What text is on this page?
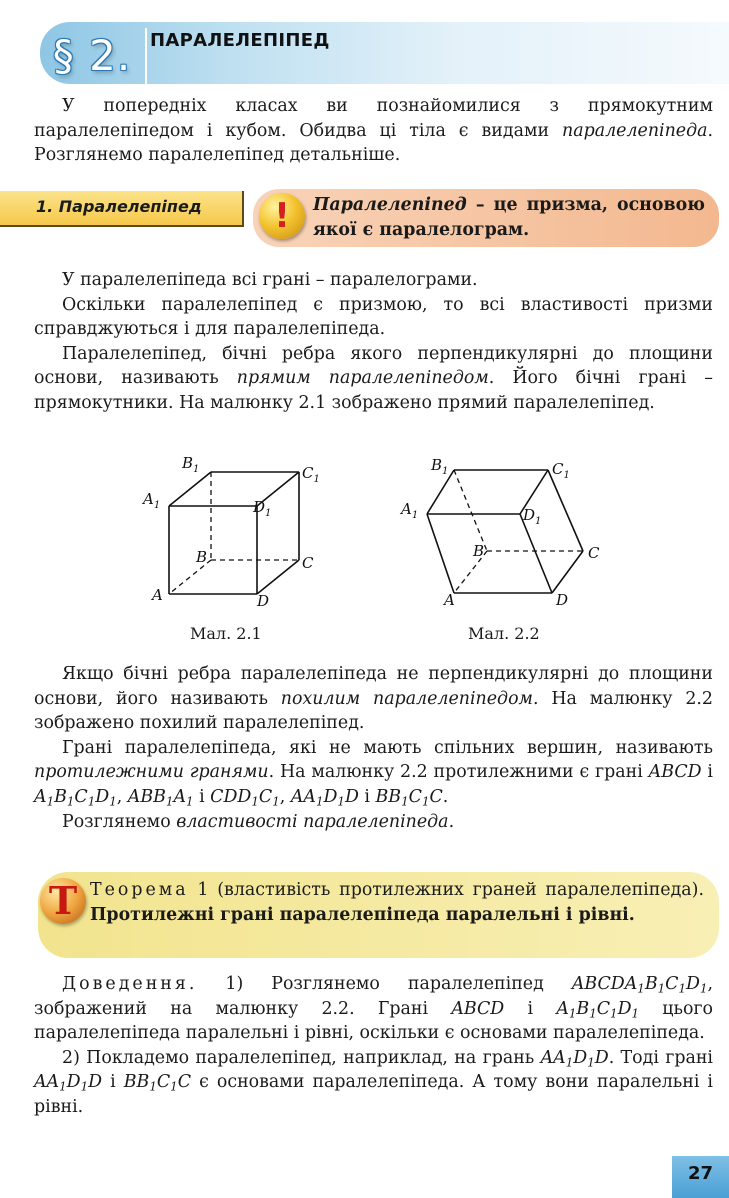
§ 2.	ПАРАЛЕЛЕПІПЕД

У попередніх класах ви познайомилися з прямокутним паралелепіпедом і кубом. Обидва ці тіла є видами паралелепіпеда. Розглянемо паралелепіпед детальніше.

1. Паралелепіпед	!	Паралелепіпед – це призма, основою якої є паралелограм.

У паралелепіпеда всі грані – паралелограми.

Оскільки паралелепіпед є призмою, то всі властивості призми справджуються і для паралелепіпеда.

Паралелепіпед, бічні ребра якого перпендикулярні до площини основи, називають прямим паралелепіпедом. Його бічні грані – прямокутники. На малюнку 2.1 зображено прямий паралелепіпед.

$B_1$	$C_1$
$A_1$	$D_1$
B	C
A	D
Мал. 2.1
$B_1$	$C_1$
$A_1$	$D_1$
B	C
A	D
Мал. 2.2

Якщо бічні ребра паралелепіпеда не перпендикулярні до площини основи, його називають похилим паралелепіпедом. На малюнку 2.2 зображено похилий паралелепіпед.

Грані паралелепіпеда, які не мають спільних вершин, називають протилежними гранями. На малюнку 2.2 протилежними є грані ABCD і $A_1B_1C_1D_1$, $ABB_1A_1$ і $CDD_1C_1$, $AA_1D_1D$ і $BB_1C_1C$.

Розглянемо властивості паралелепіпеда.

Т Теорема 1 (властивість протилежних граней паралелепіпеда). Протилежні грані паралелепіпеда паралельні і рівні.

Доведення. 1) Розглянемо паралелепіпед $ABCDA_1B_1C_1D_1$, зображений на малюнку 2.2. Грані ABCD і $A_1B_1C_1D_1$ цього паралелепіпеда паралельні і рівні, оскільки є основами паралелепіпеда.

2) Покладемо паралелепіпед, наприклад, на грань $AA_1D_1D$. Тоді грані $AA_1D_1D$ і $BB_1C_1C$ є основами паралелепіпеда. А тому вони паралельні і рівні.

27
